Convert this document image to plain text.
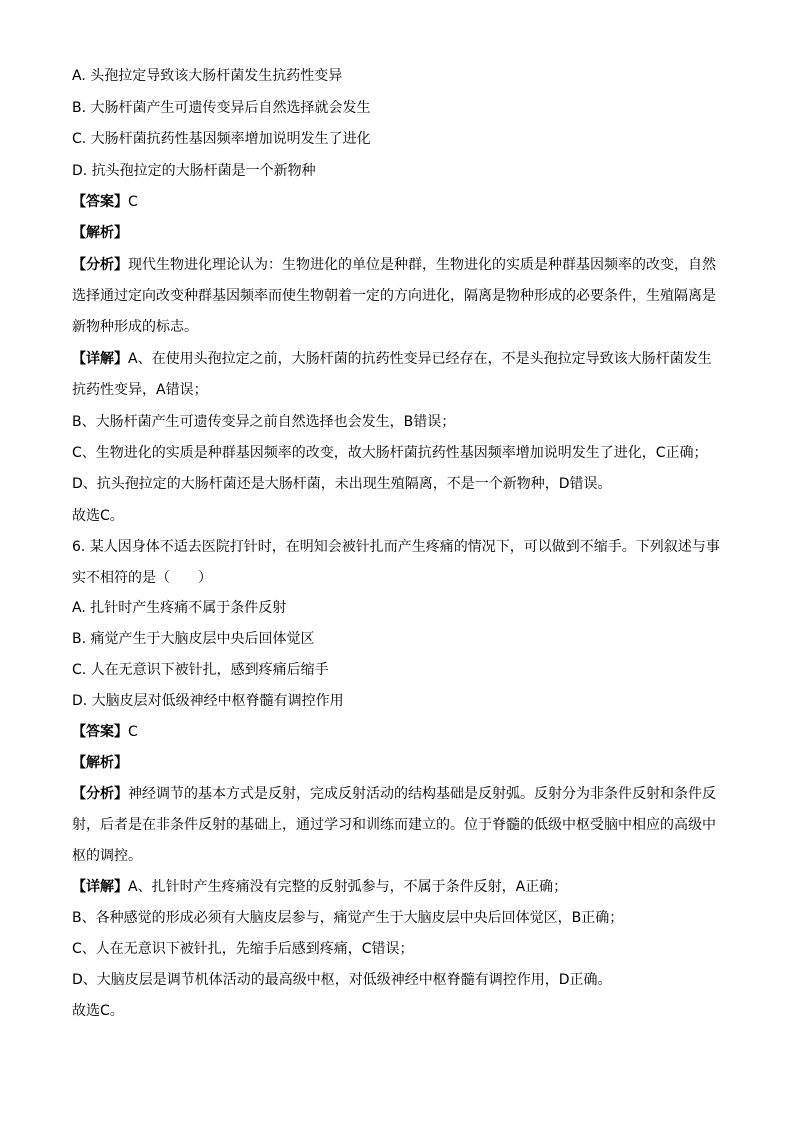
A. 头孢拉定导致该大肠杆菌发生抗药性变异
B. 大肠杆菌产生可遗传变异后自然选择就会发生
C. 大肠杆菌抗药性基因频率增加说明发生了进化
D. 抗头孢拉定的大肠杆菌是一个新物种
【答案】C
【解析】
【分析】现代生物进化理论认为：生物进化的单位是种群，生物进化的实质是种群基因频率的改变，自然
选择通过定向改变种群基因频率而使生物朝着一定的方向进化，隔离是物种形成的必要条件，生殖隔离是
新物种形成的标志。
【详解】A、在使用头孢拉定之前，大肠杆菌的抗药性变异已经存在，不是头孢拉定导致该大肠杆菌发生
抗药性变异，A错误；
B、大肠杆菌产生可遗传变异之前自然选择也会发生，B错误；
C、生物进化的实质是种群基因频率的改变，故大肠杆菌抗药性基因频率增加说明发生了进化，C正确；
D、抗头孢拉定的大肠杆菌还是大肠杆菌，未出现生殖隔离，不是一个新物种，D错误。
故选C。
6. 某人因身体不适去医院打针时，在明知会被针扎而产生疼痛的情况下，可以做到不缩手。下列叙述与事
实不相符的是（　　）
A. 扎针时产生疼痛不属于条件反射
B. 痛觉产生于大脑皮层中央后回体觉区
C. 人在无意识下被针扎，感到疼痛后缩手
D. 大脑皮层对低级神经中枢脊髓有调控作用
【答案】C
【解析】
【分析】神经调节的基本方式是反射，完成反射活动的结构基础是反射弧。反射分为非条件反射和条件反
射，后者是在非条件反射的基础上，通过学习和训练而建立的。位于脊髓的低级中枢受脑中相应的高级中
枢的调控。
【详解】A、扎针时产生疼痛没有完整的反射弧参与，不属于条件反射，A正确；
B、各种感觉的形成必须有大脑皮层参与，痛觉产生于大脑皮层中央后回体觉区，B正确；
C、人在无意识下被针扎，先缩手后感到疼痛，C错误；
D、大脑皮层是调节机体活动的最高级中枢，对低级神经中枢脊髓有调控作用，D正确。
故选C。
